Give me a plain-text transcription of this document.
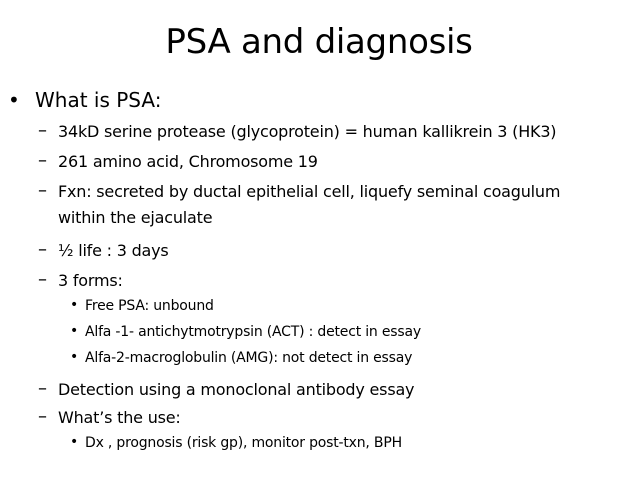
PSA and diagnosis
• What is PSA:
– 34kD serine protease (glycoprotein) = human kallikrein 3 (HK3)
– 261 amino acid, Chromosome 19
– Fxn: secreted by ductal epithelial cell, liquefy seminal coagulum
within the ejaculate
– ½ life : 3 days
– 3 forms:
• Free PSA: unbound
• Alfa -1- antichytmotrypsin (ACT) : detect in essay
• Alfa-2-macroglobulin (AMG): not detect in essay
– Detection using a monoclonal antibody essay
– What’s the use:
• Dx , prognosis (risk gp), monitor post-txn, BPH
